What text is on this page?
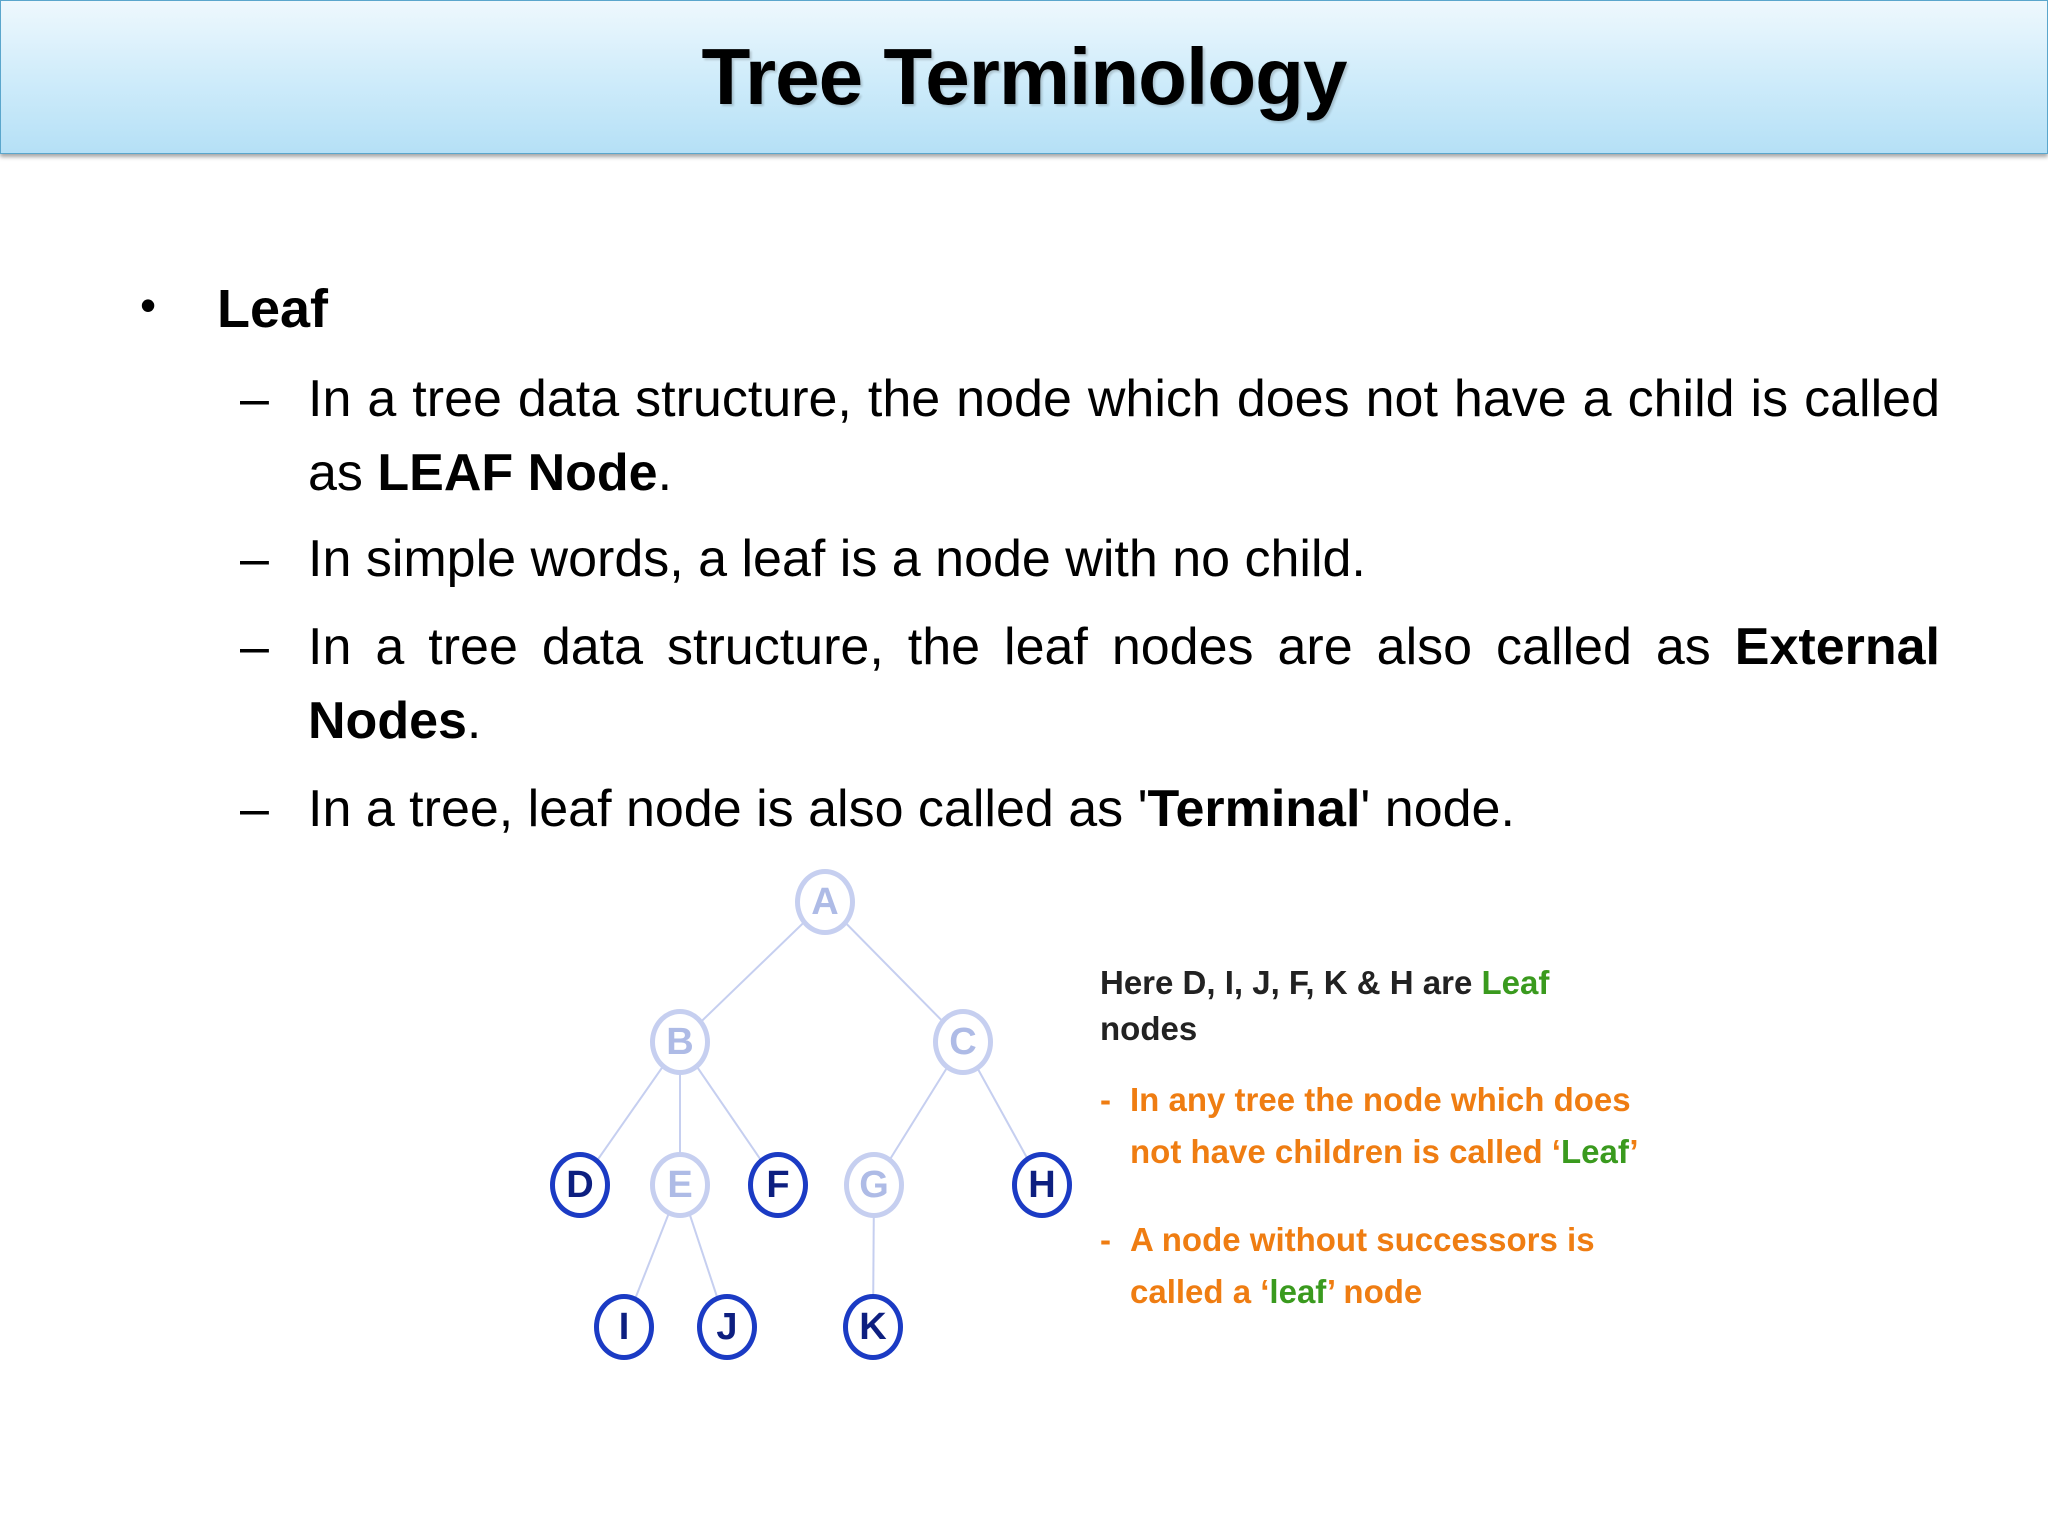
Tree Terminology
• Leaf
– In a tree data structure, the node which does not have a child is called as LEAF Node.
– In simple words, a leaf is a node with no child.
– In a tree data structure, the leaf nodes are also called as External Nodes.
– In a tree, leaf node is also called as 'Terminal' node.
A
B	C
D	E	F	G	H
I	J	K
Here D, I, J, F, K & H are Leaf nodes
- In any tree the node which does
not have children is called ‘Leaf’
- A node without successors is
called a ‘leaf’ node
